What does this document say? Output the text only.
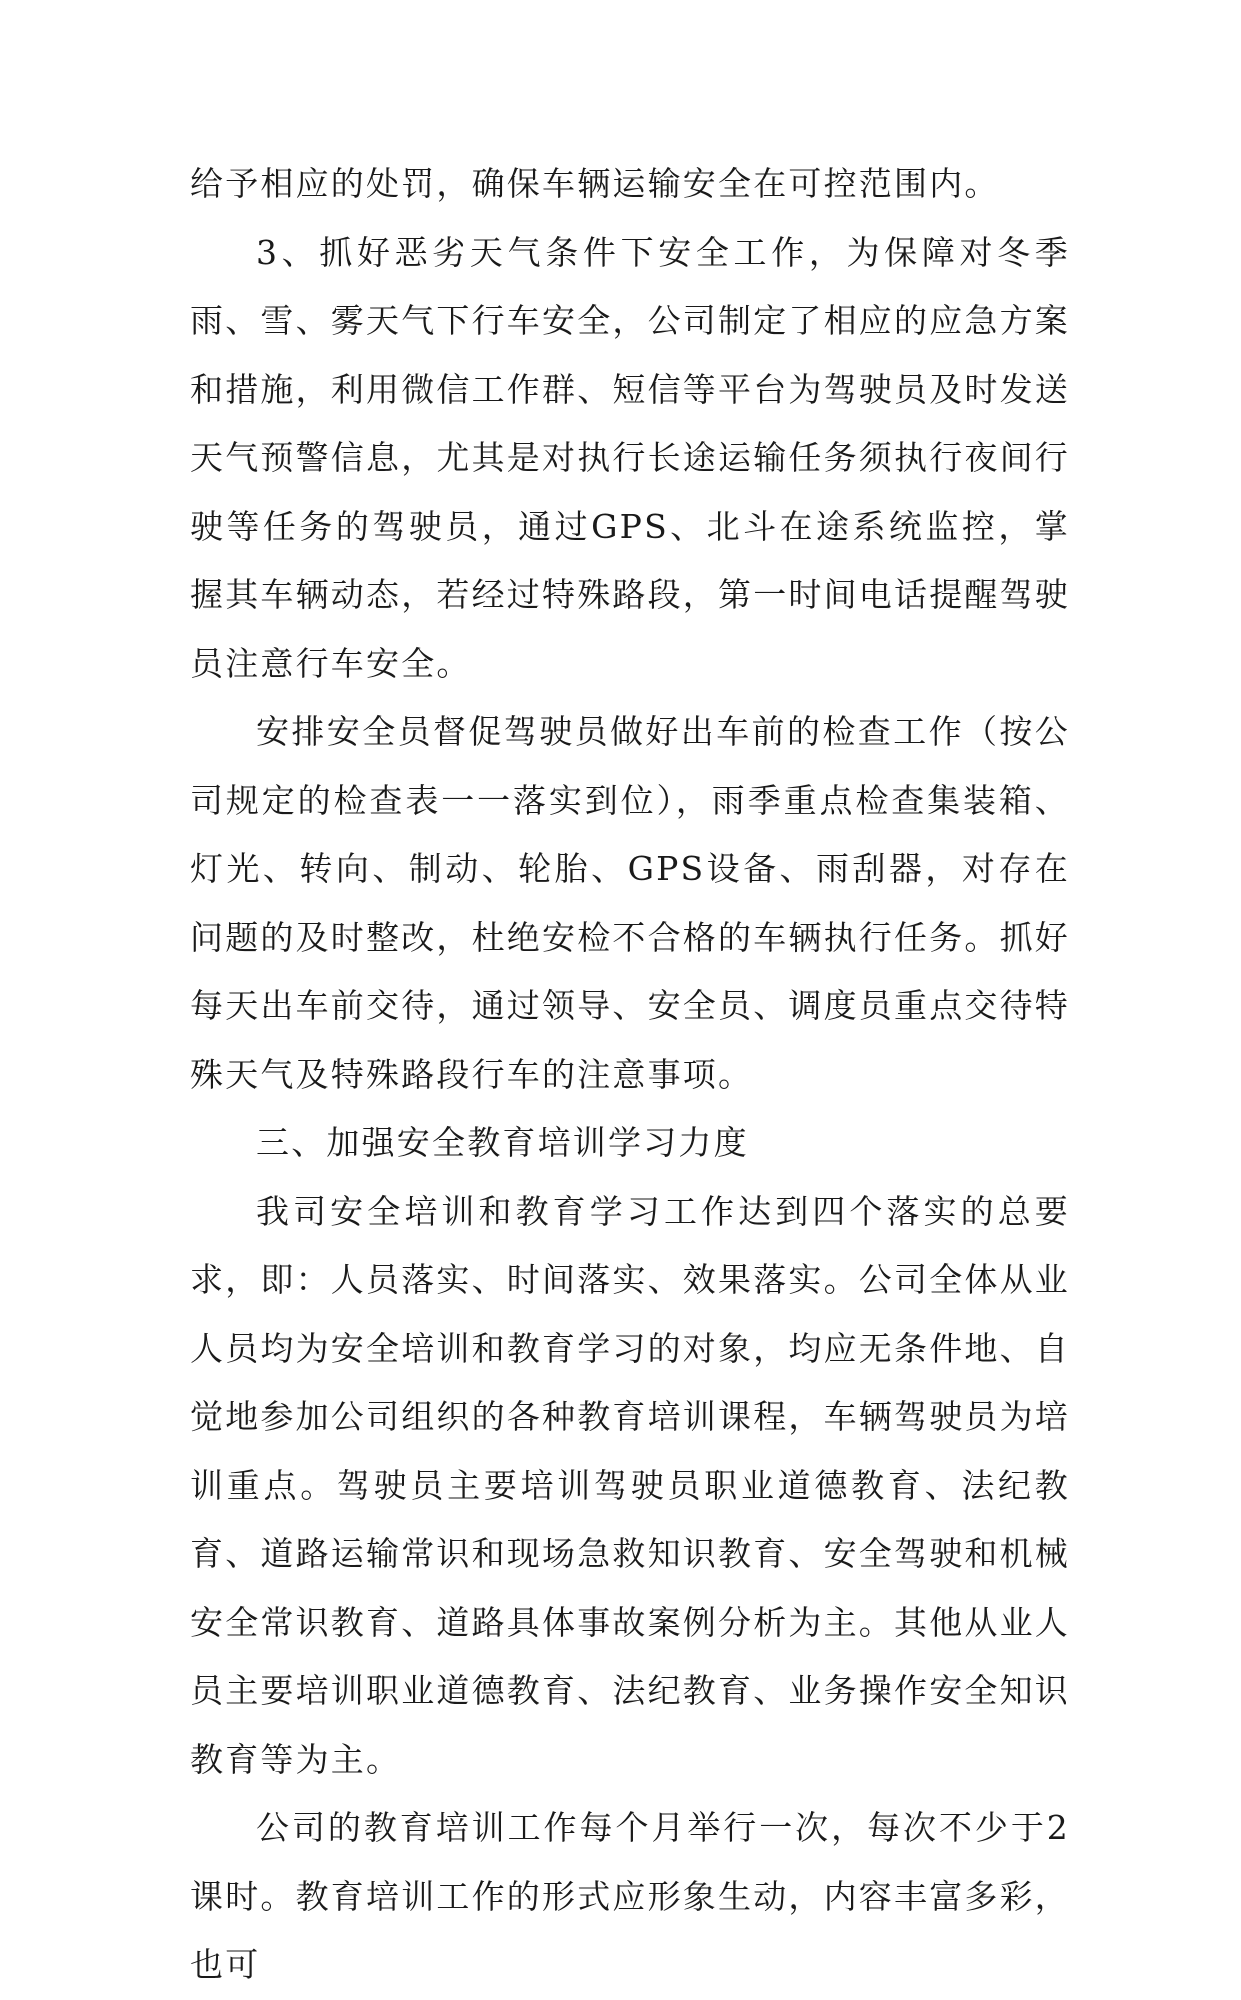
给予相应的处罚，确保车辆运输安全在可控范围内。

3、抓好恶劣天气条件下安全工作，为保障对冬季雨、雪、雾天气下行车安全，公司制定了相应的应急方案和措施，利用微信工作群、短信等平台为驾驶员及时发送天气预警信息，尤其是对执行长途运输任务须执行夜间行驶等任务的驾驶员，通过GPS、北斗在途系统监控，掌握其车辆动态，若经过特殊路段，第一时间电话提醒驾驶员注意行车安全。

安排安全员督促驾驶员做好出车前的检查工作（按公司规定的检查表一一落实到位），雨季重点检查集装箱、灯光、转向、制动、轮胎、GPS设备、雨刮器，对存在问题的及时整改，杜绝安检不合格的车辆执行任务。抓好每天出车前交待，通过领导、安全员、调度员重点交待特殊天气及特殊路段行车的注意事项。

三、加强安全教育培训学习力度

我司安全培训和教育学习工作达到四个落实的总要求，即：人员落实、时间落实、效果落实。公司全体从业人员均为安全培训和教育学习的对象，均应无条件地、自觉地参加公司组织的各种教育培训课程，车辆驾驶员为培训重点。驾驶员主要培训驾驶员职业道德教育、法纪教育、道路运输常识和现场急救知识教育、安全驾驶和机械安全常识教育、道路具体事故案例分析为主。其他从业人员主要培训职业道德教育、法纪教育、业务操作安全知识教育等为主。

公司的教育培训工作每个月举行一次，每次不少于2课时。教育培训工作的形式应形象生动，内容丰富多彩，也可
